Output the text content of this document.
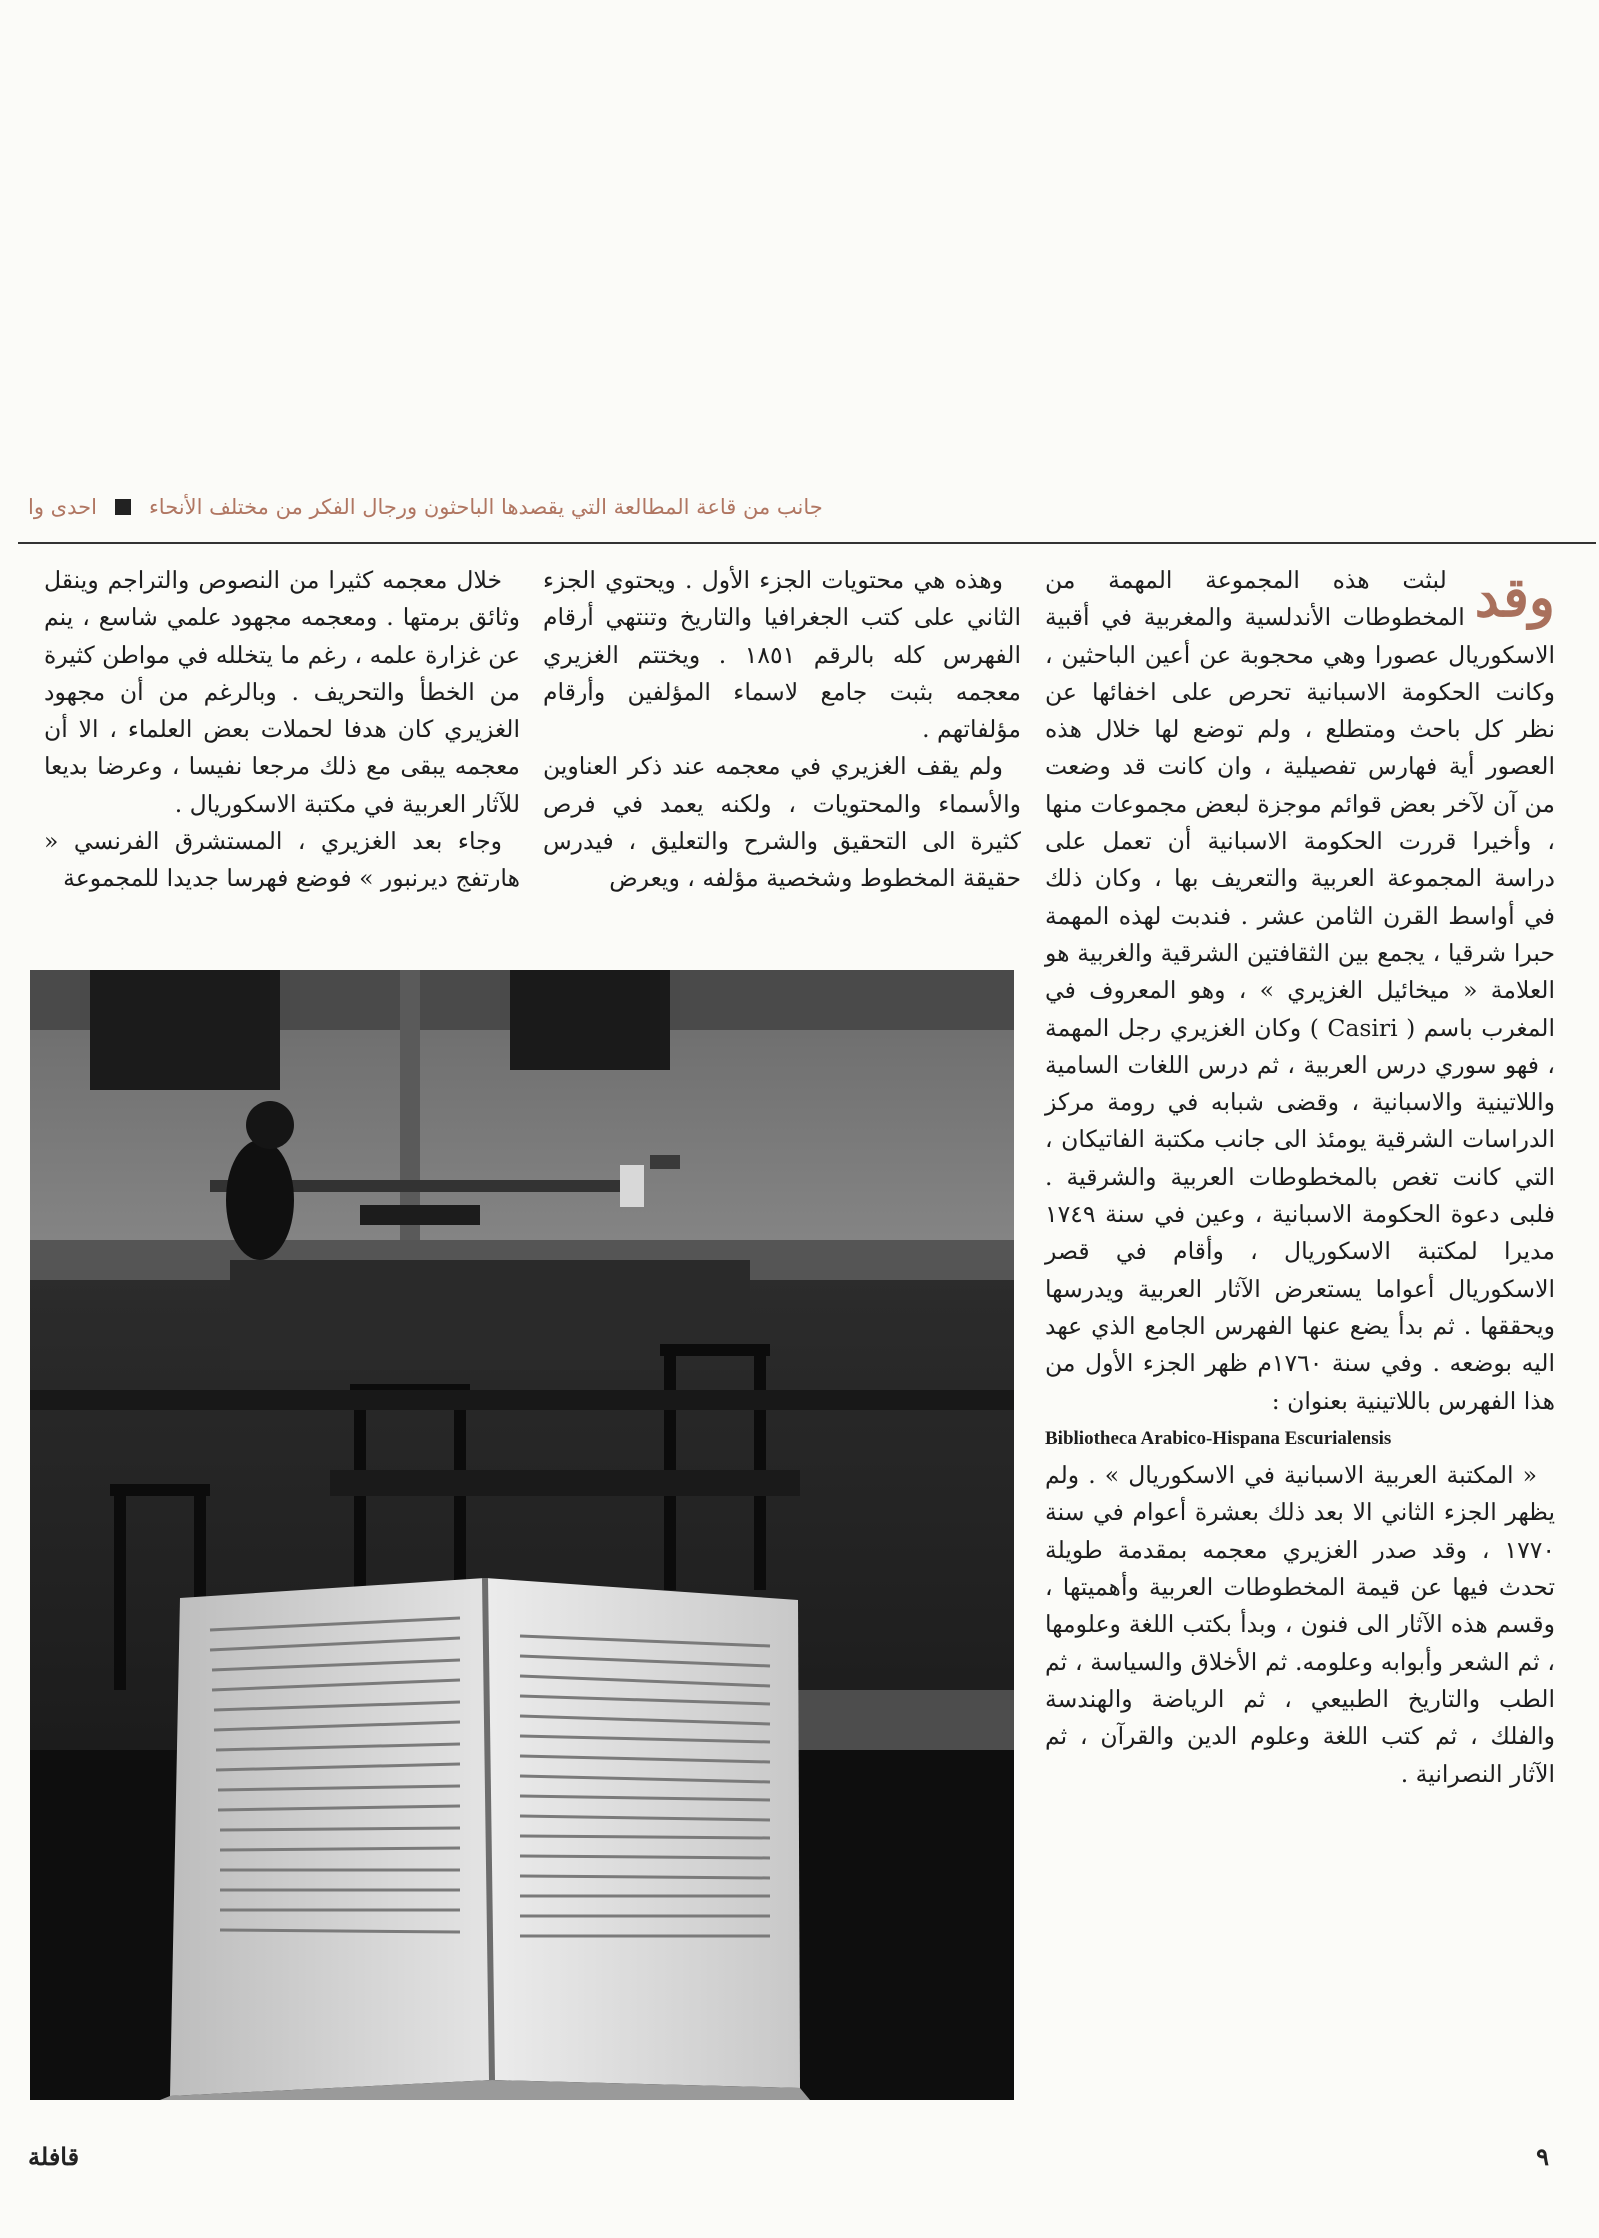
جانب من قاعة المطالعة التي يقصدها الباحثون ورجال الفكر من مختلف الأنحاء
احدى وا
وقد

لبثت هذه المجموعة المهمة من المخطوطات الأندلسية والمغربية في أقبية الاسكوريال عصورا وهي محجوبة عن أعين الباحثين ، وكانت الحكومة الاسبانية تحرص على اخفائها عن نظر كل باحث ومتطلع ، ولم توضع لها خلال هذه العصور أية فهارس تفصيلية ، وان كانت قد وضعت من آن لآخر بعض قوائم موجزة لبعض مجموعات منها ، وأخيرا قررت الحكومة الاسبانية أن تعمل على دراسة المجموعة العربية والتعريف بها ، وكان ذلك في أواسط القرن الثامن عشر . فندبت لهذه المهمة حبرا شرقيا ، يجمع بين الثقافتين الشرقية والغربية هو العلامة « ميخائيل الغزيري » ، وهو المعروف في المغرب باسم ( Casiri ) وكان الغزيري رجل المهمة ، فهو سوري درس العربية ، ثم درس اللغات السامية واللاتينية والاسبانية ، وقضى شبابه في رومة مركز الدراسات الشرقية يومئذ الى جانب مكتبة الفاتيكان ، التي كانت تغص بالمخطوطات العربية والشرقية . فلبى دعوة الحكومة الاسبانية ، وعين في سنة ١٧٤٩ مديرا لمكتبة الاسكوريال ، وأقام في قصر الاسكوريال أعواما يستعرض الآثار العربية ويدرسها ويحققها . ثم بدأ يضع عنها الفهرس الجامع الذي عهد اليه بوضعه . وفي سنة ١٧٦٠م ظهر الجزء الأول من هذا الفهرس باللاتينية بعنوان :

Bibliotheca Arabico-Hispana Escurialensis

« المكتبة العربية الاسبانية في الاسكوريال » . ولم يظهر الجزء الثاني الا بعد ذلك بعشرة أعوام في سنة ١٧٧٠ ، وقد صدر الغزيري معجمه بمقدمة طويلة تحدث فيها عن قيمة المخطوطات العربية وأهميتها ، وقسم هذه الآثار الى فنون ، وبدأ بكتب اللغة وعلومها ، ثم الشعر وأبوابه وعلومه. ثم الأخلاق والسياسة ، ثم الطب والتاريخ الطبيعي ، ثم الرياضة والهندسة والفلك ، ثم كتب اللغة وعلوم الدين والقرآن ، ثم الآثار النصرانية .

وهذه هي محتويات الجزء الأول . ويحتوي الجزء الثاني على كتب الجغرافيا والتاريخ وتنتهي أرقام الفهرس كله بالرقم ١٨٥١ . ويختتم الغزيري معجمه بثبت جامع لاسماء المؤلفين وأرقام مؤلفاتهم .

ولم يقف الغزيري في معجمه عند ذكر العناوين والأسماء والمحتويات ، ولكنه يعمد في فرص كثيرة الى التحقيق والشرح والتعليق ، فيدرس حقيقة المخطوط وشخصية مؤلفه ، ويعرض

خلال معجمه كثيرا من النصوص والتراجم وينقل وثائق برمتها . ومعجمه مجهود علمي شاسع ، ينم عن غزارة علمه ، رغم ما يتخلله في مواطن كثيرة من الخطأ والتحريف . وبالرغم من أن مجهود الغزيري كان هدفا لحملات بعض العلماء ، الا أن معجمه يبقى مع ذلك مرجعا نفيسا ، وعرضا بديعا للآثار العربية في مكتبة الاسكوريال .

وجاء بعد الغزيري ، المستشرق الفرنسي « هارتفج ديرنبور » فوضع فهرسا جديدا للمجموعة

٩
قافلة
